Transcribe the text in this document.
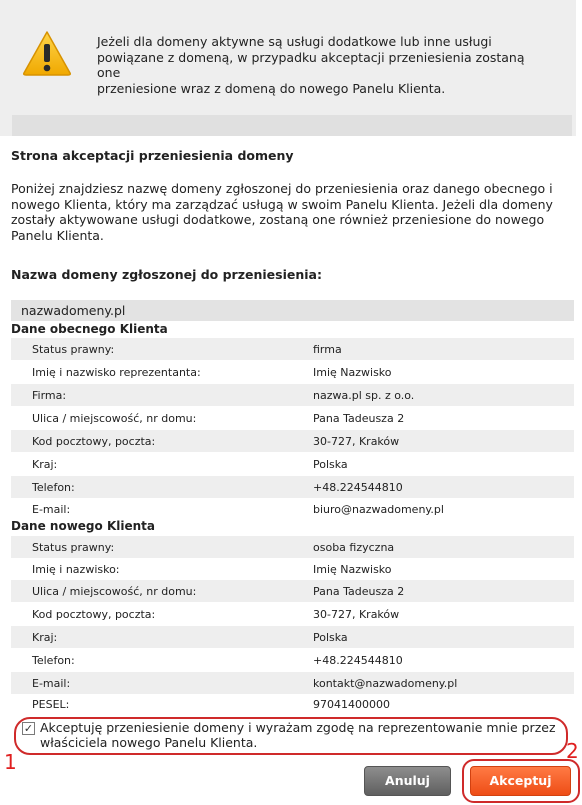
Jeżeli dla domeny aktywne są usługi dodatkowe lub inne usługi
powiązane z domeną, w przypadku akceptacji przeniesienia zostaną one
przeniesione wraz z domeną do nowego Panelu Klienta.
Strona akceptacji przeniesienia domeny
Poniżej znajdziesz nazwę domeny zgłoszonej do przeniesienia oraz danego obecnego i
nowego Klienta, który ma zarządzać usługą w swoim Panelu Klienta. Jeżeli dla domeny
zostały aktywowane usługi dodatkowe, zostaną one również przeniesione do nowego
Panelu Klienta.
Nazwa domeny zgłoszonej do przeniesienia:
nazwadomeny.pl
Dane obecnego Klienta
Status prawny:	firma
Imię i nazwisko reprezentanta:	Imię Nazwisko
Firma:	nazwa.pl sp. z o.o.
Ulica / miejscowość, nr domu:	Pana Tadeusza 2
Kod pocztowy, poczta:	30-727, Kraków
Kraj:	Polska
Telefon:	+48.224544810
E-mail:	biuro@nazwadomeny.pl
Dane nowego Klienta
Status prawny:	osoba fizyczna
Imię i nazwisko:	Imię Nazwisko
Ulica / miejscowość, nr domu:	Pana Tadeusza 2
Kod pocztowy, poczta:	30-727, Kraków
Kraj:	Polska
Telefon:	+48.224544810
E-mail:	kontakt@nazwadomeny.pl
PESEL:	97041400000
✓ Akceptuję przeniesienie domeny i wyrażam zgodę na reprezentowanie mnie przez
właściciela nowego Panelu Klienta.
1
Anuluj	Akceptuj
2
